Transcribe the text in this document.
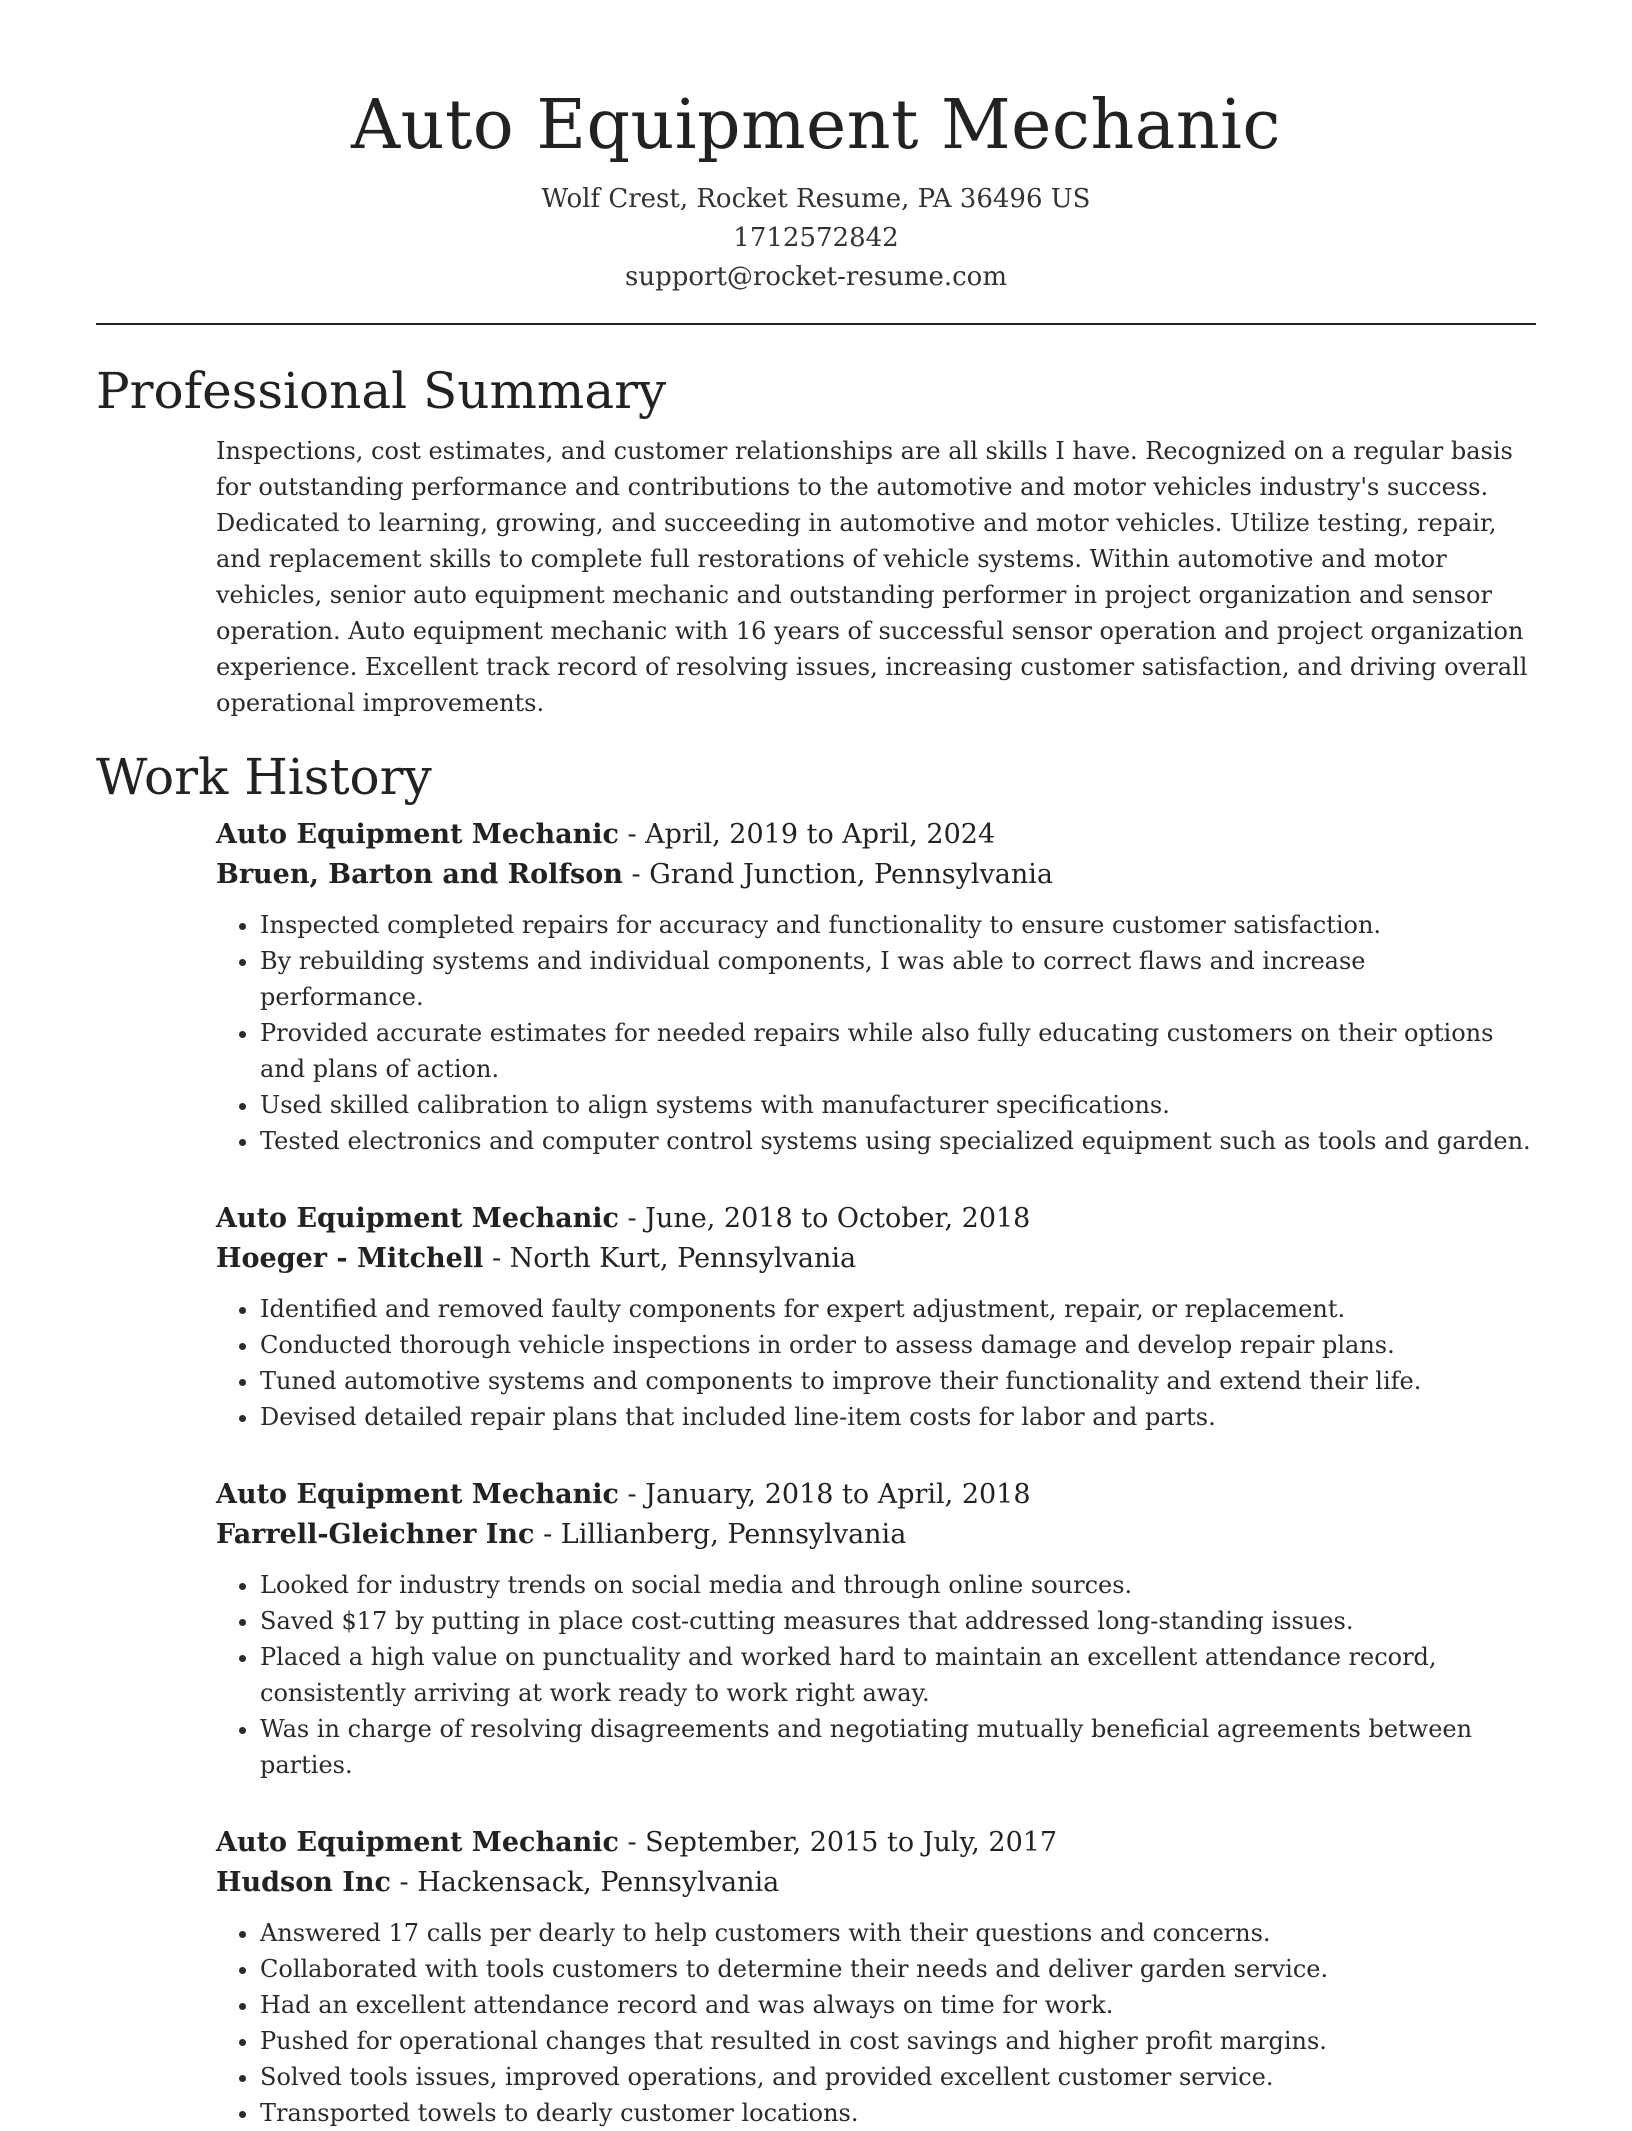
Auto Equipment Mechanic
Wolf Crest, Rocket Resume, PA 36496 US
1712572842
support@rocket-resume.com
Professional Summary

Inspections, cost estimates, and customer relationships are all skills I have. Recognized on a regular basis for outstanding performance and contributions to the automotive and motor vehicles industry's success. Dedicated to learning, growing, and succeeding in automotive and motor vehicles. Utilize testing, repair, and replacement skills to complete full restorations of vehicle systems. Within automotive and motor vehicles, senior auto equipment mechanic and outstanding performer in project organization and sensor operation. Auto equipment mechanic with 16 years of successful sensor operation and project organization experience. Excellent track record of resolving issues, increasing customer satisfaction, and driving overall operational improvements.

Work History

Auto Equipment Mechanic - April, 2019 to April, 2024

Bruen, Barton and Rolfson - Grand Junction, Pennsylvania

• Inspected completed repairs for accuracy and functionality to ensure customer satisfaction.
• By rebuilding systems and individual components, I was able to correct flaws and increase performance.
• Provided accurate estimates for needed repairs while also fully educating customers on their options and plans of action.
• Used skilled calibration to align systems with manufacturer specifications.
• Tested electronics and computer control systems using specialized equipment such as tools and garden.

Auto Equipment Mechanic - June, 2018 to October, 2018

Hoeger - Mitchell - North Kurt, Pennsylvania

• Identified and removed faulty components for expert adjustment, repair, or replacement.
• Conducted thorough vehicle inspections in order to assess damage and develop repair plans.
• Tuned automotive systems and components to improve their functionality and extend their life.
• Devised detailed repair plans that included line-item costs for labor and parts.

Auto Equipment Mechanic - January, 2018 to April, 2018

Farrell-Gleichner Inc - Lillianberg, Pennsylvania

• Looked for industry trends on social media and through online sources.
• Saved $17 by putting in place cost-cutting measures that addressed long-standing issues.
• Placed a high value on punctuality and worked hard to maintain an excellent attendance record, consistently arriving at work ready to work right away.
• Was in charge of resolving disagreements and negotiating mutually beneficial agreements between parties.

Auto Equipment Mechanic - September, 2015 to July, 2017

Hudson Inc - Hackensack, Pennsylvania

• Answered 17 calls per dearly to help customers with their questions and concerns.
• Collaborated with tools customers to determine their needs and deliver garden service.
• Had an excellent attendance record and was always on time for work.
• Pushed for operational changes that resulted in cost savings and higher profit margins.
• Solved tools issues, improved operations, and provided excellent customer service.
• Transported towels to dearly customer locations.
